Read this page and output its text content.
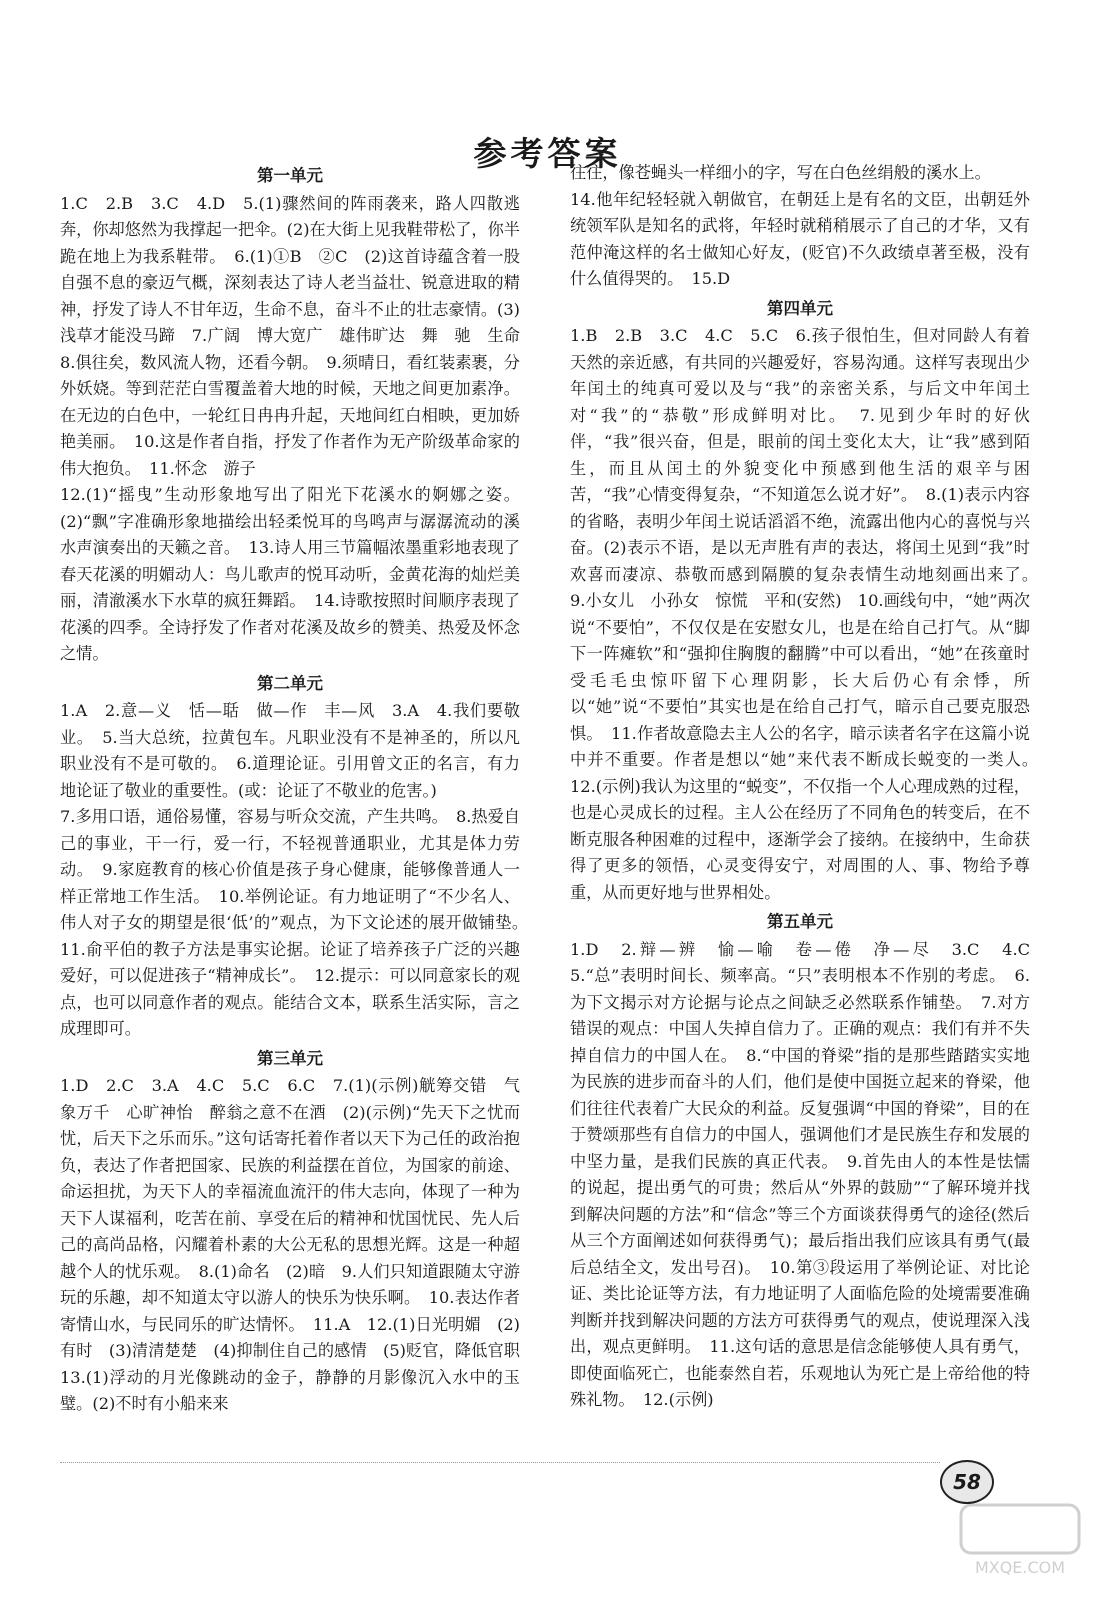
参考答案
第一单元

1.C　2.B　3.C　4.D　5.(1)骤然间的阵雨袭来，路人四散逃奔，你却悠然为我撑起一把伞。(2)在大街上见我鞋带松了，你半跪在地上为我系鞋带。　6.(1)①B　②C　(2)这首诗蕴含着一股自强不息的豪迈气概，深刻表达了诗人老当益壮、锐意进取的精神，抒发了诗人不甘年迈，生命不息，奋斗不止的壮志豪情。(3)浅草才能没马蹄　7.广阔　博大宽广　雄伟旷达　舞　驰　生命　8.俱往矣，数风流人物，还看今朝。　9.须晴日，看红装素裹，分外妖娆。等到茫茫白雪覆盖着大地的时候，天地之间更加素净。在无边的白色中，一轮红日冉冉升起，天地间红白相映，更加娇艳美丽。　10.这是作者自指，抒发了作者作为无产阶级革命家的伟大抱负。　11.怀念　游子

12.(1)“摇曳”生动形象地写出了阳光下花溪水的婀娜之姿。(2)“飘”字准确形象地描绘出轻柔悦耳的鸟鸣声与潺潺流动的溪水声演奏出的天籁之音。　13.诗人用三节篇幅浓墨重彩地表现了春天花溪的明媚动人：鸟儿歌声的悦耳动听，金黄花海的灿烂美丽，清澈溪水下水草的疯狂舞蹈。　14.诗歌按照时间顺序表现了花溪的四季。全诗抒发了作者对花溪及故乡的赞美、热爱及怀念之情。

第二单元

1.A　2.意—义　恬—聒　做—作　丰—风　3.A　4.我们要敬业。　5.当大总统，拉黄包车。凡职业没有不是神圣的，所以凡职业没有不是可敬的。　6.道理论证。引用曾文正的名言，有力地论证了敬业的重要性。(或：论证了不敬业的危害。)

7.多用口语，通俗易懂，容易与听众交流，产生共鸣。　8.热爱自己的事业，干一行，爱一行，不轻视普通职业，尤其是体力劳动。　9.家庭教育的核心价值是孩子身心健康，能够像普通人一样正常地工作生活。　10.举例论证。有力地证明了“不少名人、伟人对子女的期望是很‘低’的”观点，为下文论述的展开做铺垫。　11.俞平伯的教子方法是事实论据。论证了培养孩子广泛的兴趣爱好，可以促进孩子“精神成长”。　12.提示：可以同意家长的观点，也可以同意作者的观点。能结合文本，联系生活实际，言之成理即可。

第三单元

1.D　2.C　3.A　4.C　5.C　6.C　7.(1)(示例)觥筹交错　气象万千　心旷神怡　醉翁之意不在酒　(2)(示例)“先天下之忧而忧，后天下之乐而乐。”这句话寄托着作者以天下为己任的政治抱负，表达了作者把国家、民族的利益摆在首位，为国家的前途、命运担扰，为天下人的幸福流血流汗的伟大志向，体现了一种为天下人谋福利，吃苦在前、享受在后的精神和忧国忧民、先人后己的高尚品格，闪耀着朴素的大公无私的思想光辉。这是一种超越个人的忧乐观。　8.(1)命名　(2)暗　9.人们只知道跟随太守游玩的乐趣，却不知道太守以游人的快乐为快乐啊。　10.表达作者寄情山水，与民同乐的旷达情怀。　11.A　12.(1)日光明媚　(2)有时　(3)清清楚楚　(4)抑制住自己的感情　(5)贬官，降低官职　13.(1)浮动的月光像跳动的金子，静静的月影像沉入水中的玉璧。(2)不时有小船来来

往往，像苍蝇头一样细小的字，写在白色丝绢般的溪水上。

14.他年纪轻轻就入朝做官，在朝廷上是有名的文臣，出朝廷外统领军队是知名的武将，年轻时就稍稍展示了自己的才华，又有范仲淹这样的名士做知心好友，(贬官)不久政绩卓著至极，没有什么值得哭的。　15.D

第四单元

1.B　2.B　3.C　4.C　5.C　6.孩子很怕生，但对同龄人有着天然的亲近感，有共同的兴趣爱好，容易沟通。这样写表现出少年闰土的纯真可爱以及与“我”的亲密关系，与后文中年闰土对“我”的“恭敬”形成鲜明对比。　7.见到少年时的好伙伴，“我”很兴奋，但是，眼前的闰土变化太大，让“我”感到陌生，而且从闰土的外貌变化中预感到他生活的艰辛与困苦，“我”心情变得复杂，“不知道怎么说才好”。　8.(1)表示内容的省略，表明少年闰土说话滔滔不绝，流露出他内心的喜悦与兴奋。(2)表示不语，是以无声胜有声的表达，将闰土见到“我”时欢喜而凄凉、恭敬而感到隔膜的复杂表情生动地刻画出来了。　9.小女儿　小孙女　惊慌　平和(安然)　10.画线句中，“她”两次说“不要怕”，不仅仅是在安慰女儿，也是在给自己打气。从“脚下一阵瘫软”和“强抑住胸腹的翻腾”中可以看出，“她”在孩童时受毛毛虫惊吓留下心理阴影，长大后仍心有余悸，所以“她”说“不要怕”其实也是在给自己打气，暗示自己要克服恐惧。　11.作者故意隐去主人公的名字，暗示读者名字在这篇小说中并不重要。作者是想以“她”来代表不断成长蜕变的一类人。　12.(示例)我认为这里的“蜕变”，不仅指一个人心理成熟的过程，也是心灵成长的过程。主人公在经历了不同角色的转变后，在不断克服各种困难的过程中，逐渐学会了接纳。在接纳中，生命获得了更多的领悟，心灵变得安宁，对周围的人、事、物给予尊重，从而更好地与世界相处。

第五单元

1.D　2.辩—辨　愉—喻　卷—倦　净—尽　3.C　4.C　5.“总”表明时间长、频率高。“只”表明根本不作别的考虑。　6.为下文揭示对方论据与论点之间缺乏必然联系作铺垫。　7.对方错误的观点：中国人失掉自信力了。正确的观点：我们有并不失掉自信力的中国人在。　8.“中国的脊梁”指的是那些踏踏实实地为民族的进步而奋斗的人们，他们是使中国挺立起来的脊梁，他们往往代表着广大民众的利益。反复强调“中国的脊梁”，目的在于赞颂那些有自信力的中国人，强调他们才是民族生存和发展的中坚力量，是我们民族的真正代表。　9.首先由人的本性是怯懦的说起，提出勇气的可贵；然后从“外界的鼓励”“了解环境并找到解决问题的方法”和“信念”等三个方面谈获得勇气的途径(然后从三个方面阐述如何获得勇气)；最后指出我们应该具有勇气(最后总结全文，发出号召)。　10.第③段运用了举例论证、对比论证、类比论证等方法，有力地证明了人面临危险的处境需要准确判断并找到解决问题的方法方可获得勇气的观点，使说理深入浅出，观点更鲜明。　11.这句话的意思是信念能够使人具有勇气，即使面临死亡，也能泰然自若，乐观地认为死亡是上帝给他的特殊礼物。　12.(示例)

58
MXQE.COM
